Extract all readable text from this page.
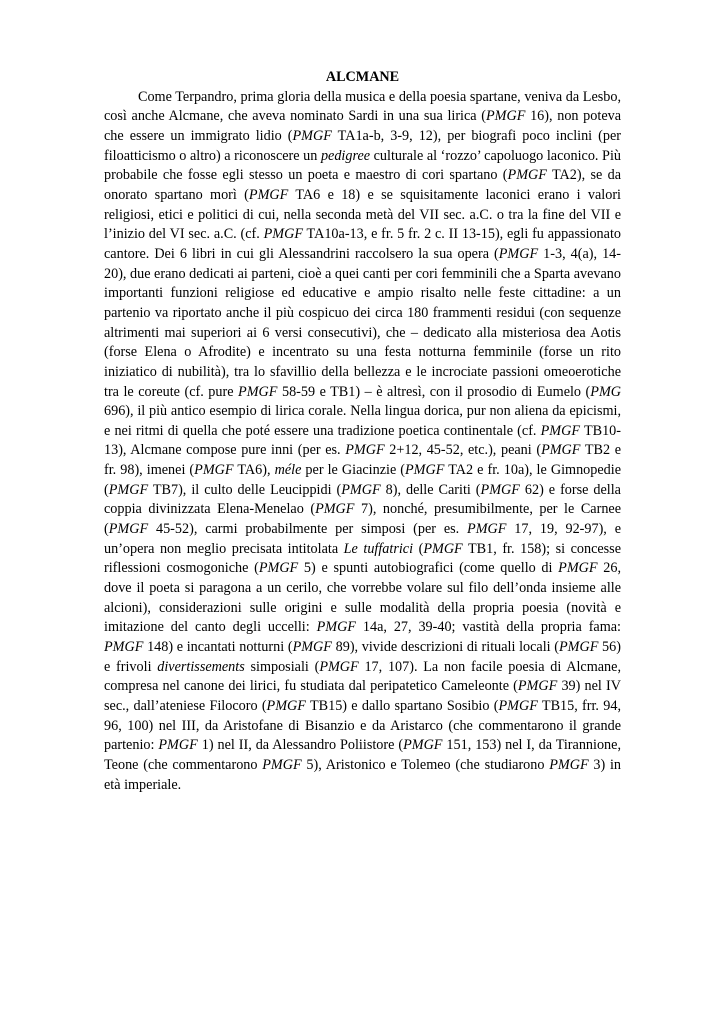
ALCMANE

Come Terpandro, prima gloria della musica e della poesia spartane, veniva da Lesbo, così anche Alcmane, che aveva nominato Sardi in una sua lirica (PMGF 16), non poteva che essere un immigrato lidio (PMGF TA1a-b, 3-9, 12), per biografi poco inclini (per filoatticismo o altro) a riconoscere un pedigree culturale al ‘rozzo’ capoluogo laconico. Più probabile che fosse egli stesso un poeta e maestro di cori spartano (PMGF TA2), se da onorato spartano morì (PMGF TA6 e 18) e se squisitamente laconici erano i valori religiosi, etici e politici di cui, nella seconda metà del VII sec. a.C. o tra la fine del VII e l’inizio del VI sec. a.C. (cf. PMGF TA10a-13, e fr. 5 fr. 2 c. II 13-15), egli fu appassionato cantore. Dei 6 libri in cui gli Alessandrini raccolsero la sua opera (PMGF 1-3, 4(a), 14-20), due erano dedicati ai parteni, cioè a quei canti per cori femminili che a Sparta avevano importanti funzioni religiose ed educative e ampio risalto nelle feste cittadine: a un partenio va riportato anche il più cospicuo dei circa 180 frammenti residui (con sequenze altrimenti mai superiori ai 6 versi consecutivi), che – dedicato alla misteriosa dea Aotis (forse Elena o Afrodite) e incentrato su una festa notturna femminile (forse un rito iniziatico di nubilità), tra lo sfavillio della bellezza e le incrociate passioni omeoerotiche tra le coreute (cf. pure PMGF 58-59 e TB1) – è altresì, con il prosodio di Eumelo (PMG 696), il più antico esempio di lirica corale. Nella lingua dorica, pur non aliena da epicismi, e nei ritmi di quella che poté essere una tradizione poetica continentale (cf. PMGF TB10-13), Alcmane compose pure inni (per es. PMGF 2+12, 45-52, etc.), peani (PMGF TB2 e fr. 98), imenei (PMGF TA6), méle per le Giacinzie (PMGF TA2 e fr. 10a), le Gimnopedie (PMGF TB7), il culto delle Leucippidi (PMGF 8), delle Cariti (PMGF 62) e forse della coppia divinizzata Elena-Menelao (PMGF 7), nonché, presumibilmente, per le Carnee (PMGF 45-52), carmi probabilmente per simposi (per es. PMGF 17, 19, 92-97), e un’opera non meglio precisata intitolata Le tuffatrici (PMGF TB1, fr. 158); si concesse riflessioni cosmogoniche (PMGF 5) e spunti autobiografici (come quello di PMGF 26, dove il poeta si paragona a un cerilo, che vorrebbe volare sul filo dell’onda insieme alle alcioni), considerazioni sulle origini e sulle modalità della propria poesia (novità e imitazione del canto degli uccelli: PMGF 14a, 27, 39-40; vastità della propria fama: PMGF 148) e incantati notturni (PMGF 89), vivide descrizioni di rituali locali (PMGF 56) e frivoli divertissements simposiali (PMGF 17, 107). La non facile poesia di Alcmane, compresa nel canone dei lirici, fu studiata dal peripatetico Cameleonte (PMGF 39) nel IV sec., dall’ateniese Filocoro (PMGF TB15) e dallo spartano Sosibio (PMGF TB15, frr. 94, 96, 100) nel III, da Aristofane di Bisanzio e da Aristarco (che commentarono il grande partenio: PMGF 1) nel II, da Alessandro Poliistore (PMGF 151, 153) nel I, da Tirannione, Teone (che commentarono PMGF 5), Aristonico e Tolemeo (che studiarono PMGF 3) in età imperiale.
